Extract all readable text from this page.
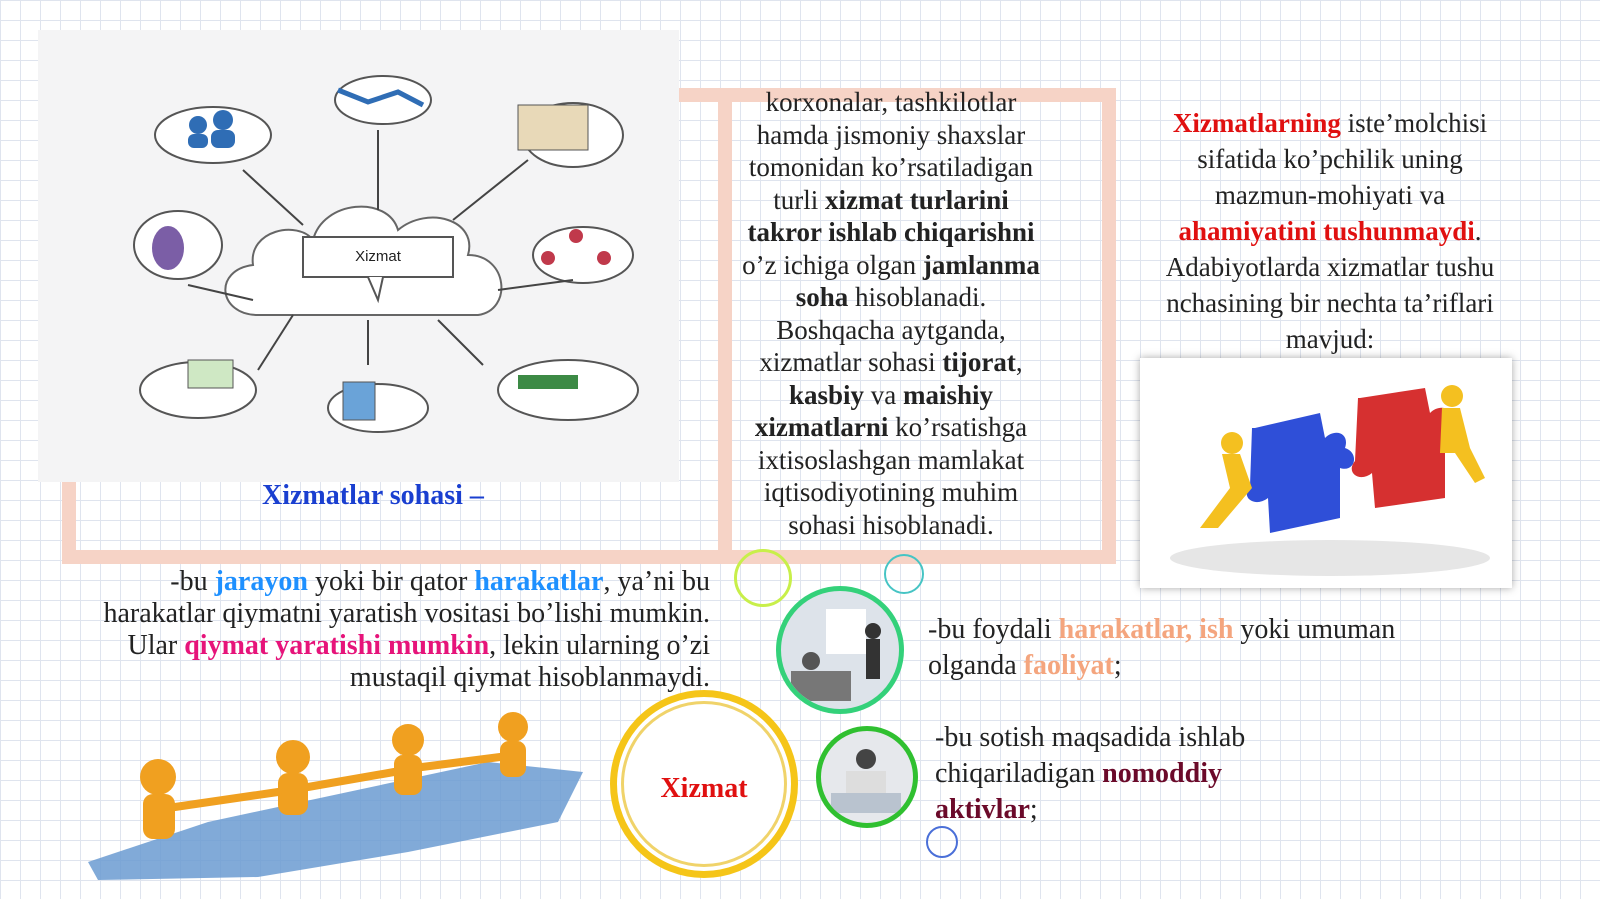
Xizmat
Xizmatlar sohasi –
-bu jarayon yoki bir qator harakatlar, ya’ni bu harakatlar qiymatni yaratish vositasi bo’lishi mumkin. Ular qiymat yaratishi mumkin, lekin ularning o’zi mustaqil qiymat hisoblanmaydi.
korxonalar, tashkilotlar hamda jismoniy shaxslar tomonidan ko’rsatiladigan turli xizmat turlarini takror ishlab chiqarishni o’z ichiga olgan jamlanma soha hisoblanadi. Boshqacha aytganda, xizmatlar sohasi tijorat, kasbiy va maishiy xizmatlarni ko’rsatishga ixtisoslashgan mamlakat iqtisodiyotining muhim sohasi hisoblanadi.
Xizmatlarning iste’molchisi sifatida ko’pchilik uning mazmun-mohiyati va ahamiyatini tushunmaydi. Adabiyotlarda xizmatlar tushu nchasining bir nechta ta’riflari mavjud:
Xizmat
-bu foydali harakatlar, ish yoki umuman olganda faoliyat;
-bu sotish maqsadida ishlab chiqariladigan nomoddiy aktivlar;
